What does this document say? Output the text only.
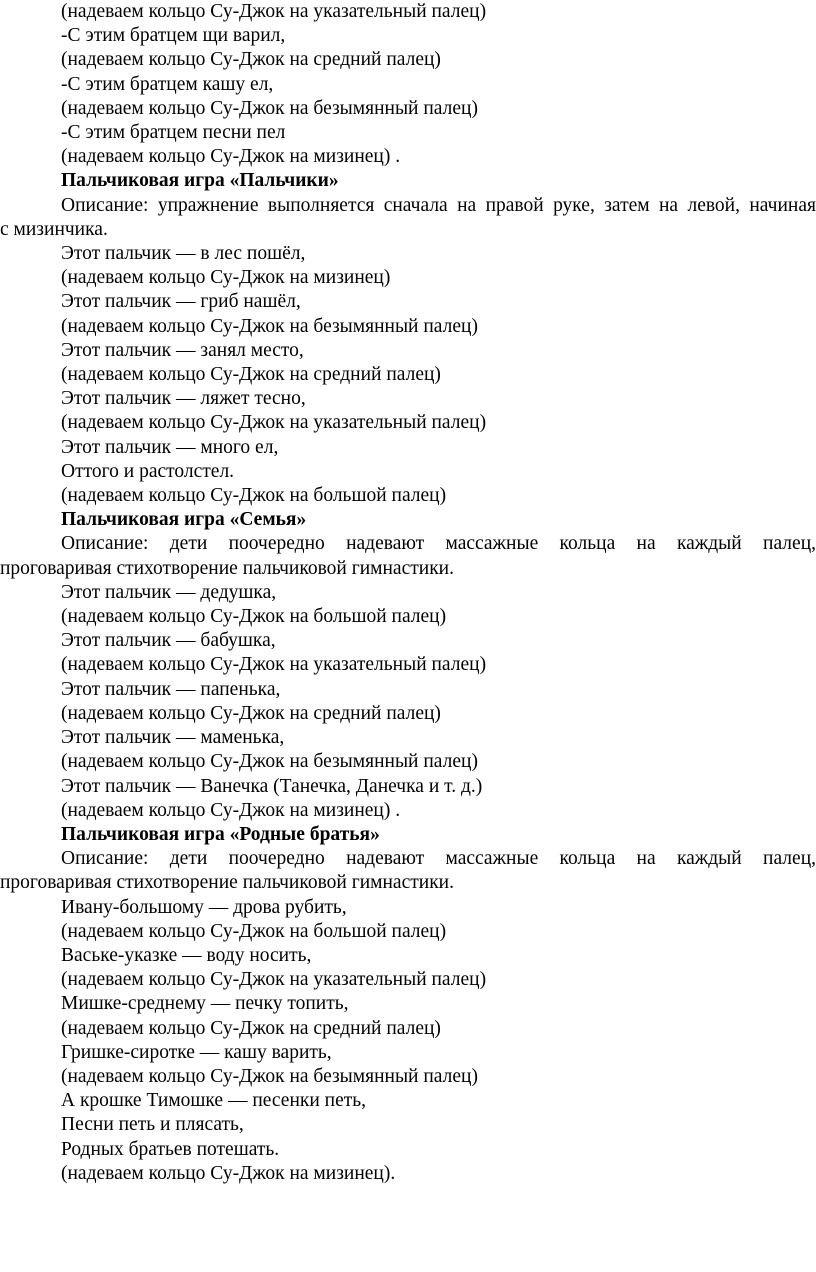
(надеваем кольцо Су-Джок на указательный палец)

-С этим братцем щи варил,

(надеваем кольцо Су-Джок на средний палец)

-С этим братцем кашу ел,

(надеваем кольцо Су-Джок на безымянный палец)

-С этим братцем песни пел

(надеваем кольцо Су-Джок на мизинец) .

Пальчиковая игра «Пальчики»

Описание: упражнение выполняется сначала на правой руке, затем на левой, начиная

с мизинчика.

Этот пальчик — в лес пошёл,

(надеваем кольцо Су-Джок на мизинец)

Этот пальчик — гриб нашёл,

(надеваем кольцо Су-Джок на безымянный палец)

Этот пальчик — занял место,

(надеваем кольцо Су-Джок на средний палец)

Этот пальчик — ляжет тесно,

(надеваем кольцо Су-Джок на указательный палец)

Этот пальчик — много ел,

Оттого и растолстел.

(надеваем кольцо Су-Джок на большой палец)

Пальчиковая игра «Семья»

Описание: дети поочередно надевают массажные кольца на каждый палец,

проговаривая стихотворение пальчиковой гимнастики.

Этот пальчик — дедушка,

(надеваем кольцо Су-Джок на большой палец)

Этот пальчик — бабушка,

(надеваем кольцо Су-Джок на указательный палец)

Этот пальчик — папенька,

(надеваем кольцо Су-Джок на средний палец)

Этот пальчик — маменька,

(надеваем кольцо Су-Джок на безымянный палец)

Этот пальчик — Ванечка (Танечка, Данечка и т. д.)

(надеваем кольцо Су-Джок на мизинец) .

Пальчиковая игра «Родные братья»

Описание: дети поочередно надевают массажные кольца на каждый палец,

проговаривая стихотворение пальчиковой гимнастики.

Ивану-большому — дрова рубить,

(надеваем кольцо Су-Джок на большой палец)

Ваське-указке — воду носить,

(надеваем кольцо Су-Джок на указательный палец)

Мишке-среднему — печку топить,

(надеваем кольцо Су-Джок на средний палец)

Гришке-сиротке — кашу варить,

(надеваем кольцо Су-Джок на безымянный палец)

А крошке Тимошке — песенки петь,

Песни петь и плясать,

Родных братьев потешать.

(надеваем кольцо Су-Джок на мизинец).
